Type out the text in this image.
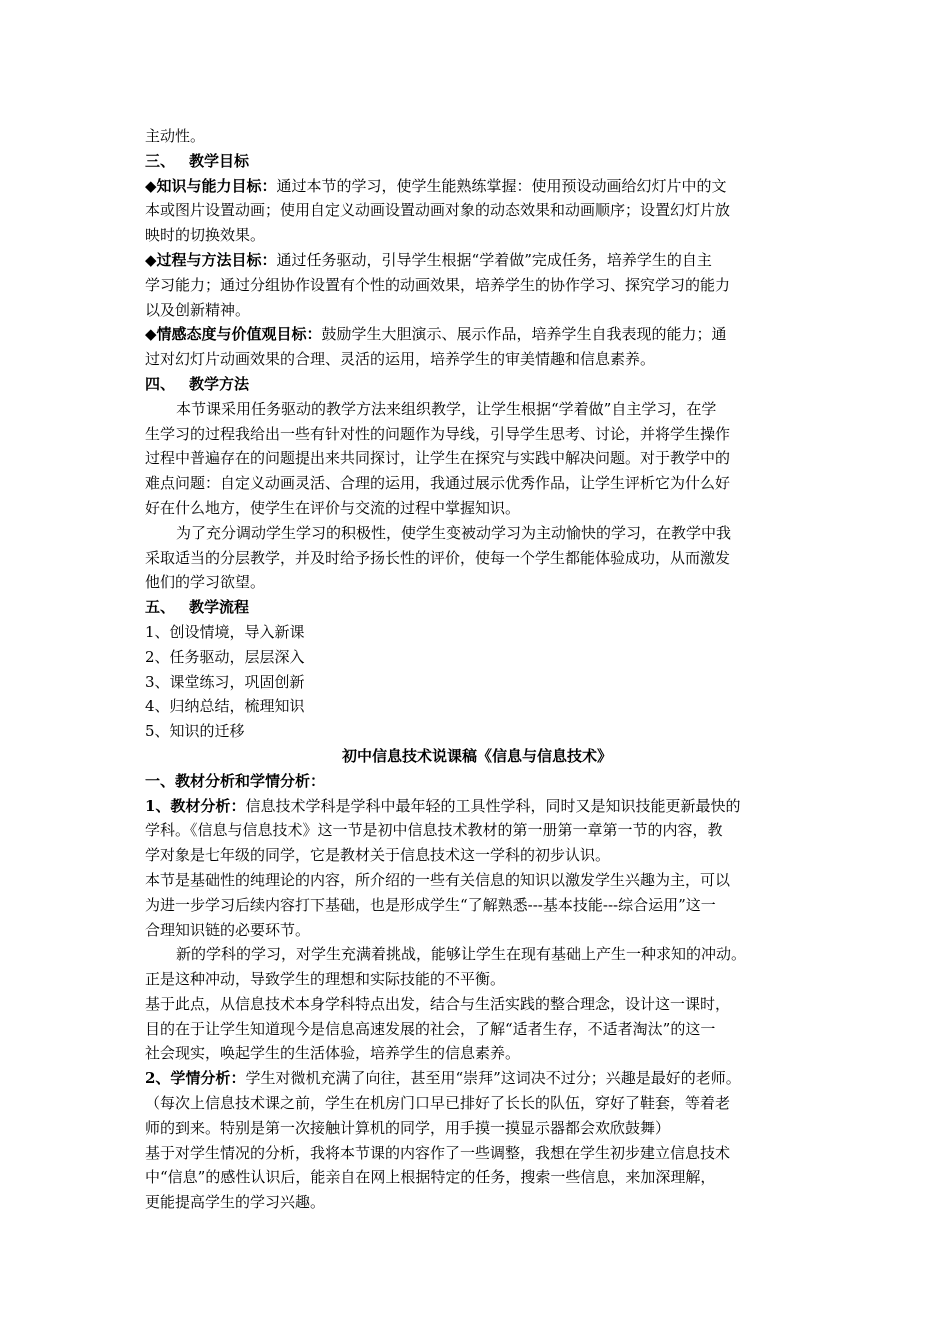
主动性。
三、 教学目标
◆知识与能力目标：通过本节的学习，使学生能熟练掌握：使用预设动画给幻灯片中的文
本或图片设置动画；使用自定义动画设置动画对象的动态效果和动画顺序；设置幻灯片放
映时的切换效果。
◆过程与方法目标：通过任务驱动，引导学生根据“学着做”完成任务，培养学生的自主
学习能力；通过分组协作设置有个性的动画效果，培养学生的协作学习、探究学习的能力
以及创新精神。
◆情感态度与价值观目标：鼓励学生大胆演示、展示作品，培养学生自我表现的能力；通
过对幻灯片动画效果的合理、灵活的运用，培养学生的审美情趣和信息素养。
四、 教学方法
本节课采用任务驱动的教学方法来组织教学，让学生根据“学着做”自主学习，在学
生学习的过程我给出一些有针对性的问题作为导线，引导学生思考、讨论，并将学生操作
过程中普遍存在的问题提出来共同探讨，让学生在探究与实践中解决问题。对于教学中的
难点问题：自定义动画灵活、合理的运用，我通过展示优秀作品，让学生评析它为什么好
好在什么地方，使学生在评价与交流的过程中掌握知识。
为了充分调动学生学习的积极性，使学生变被动学习为主动愉快的学习，在教学中我
采取适当的分层教学，并及时给予扬长性的评价，使每一个学生都能体验成功，从而激发
他们的学习欲望。
五、 教学流程
1、创设情境，导入新课
2、任务驱动，层层深入
3、课堂练习，巩固创新
4、归纳总结，梳理知识
5、知识的迁移
初中信息技术说课稿《信息与信息技术》
一、教材分析和学情分析：
1、教材分析：信息技术学科是学科中最年轻的工具性学科，同时又是知识技能更新最快的
学科。《信息与信息技术》这一节是初中信息技术教材的第一册第一章第一节的内容，教
学对象是七年级的同学，它是教材关于信息技术这一学科的初步认识。
本节是基础性的纯理论的内容，所介绍的一些有关信息的知识以激发学生兴趣为主，可以
为进一步学习后续内容打下基础，也是形成学生“了解熟悉---基本技能---综合运用”这一
合理知识链的必要环节。
新的学科的学习，对学生充满着挑战，能够让学生在现有基础上产生一种求知的冲动。
正是这种冲动，导致学生的理想和实际技能的不平衡。
基于此点，从信息技术本身学科特点出发，结合与生活实践的整合理念，设计这一课时，
目的在于让学生知道现今是信息高速发展的社会，了解“适者生存，不适者淘汰”的这一
社会现实，唤起学生的生活体验，培养学生的信息素养。
2、学情分析：学生对微机充满了向往，甚至用“崇拜”这词决不过分；兴趣是最好的老师。
（每次上信息技术课之前，学生在机房门口早已排好了长长的队伍，穿好了鞋套，等着老
师的到来。特别是第一次接触计算机的同学，用手摸一摸显示器都会欢欣鼓舞）
基于对学生情况的分析，我将本节课的内容作了一些调整，我想在学生初步建立信息技术
中“信息”的感性认识后，能亲自在网上根据特定的任务，搜索一些信息，来加深理解，
更能提高学生的学习兴趣。
